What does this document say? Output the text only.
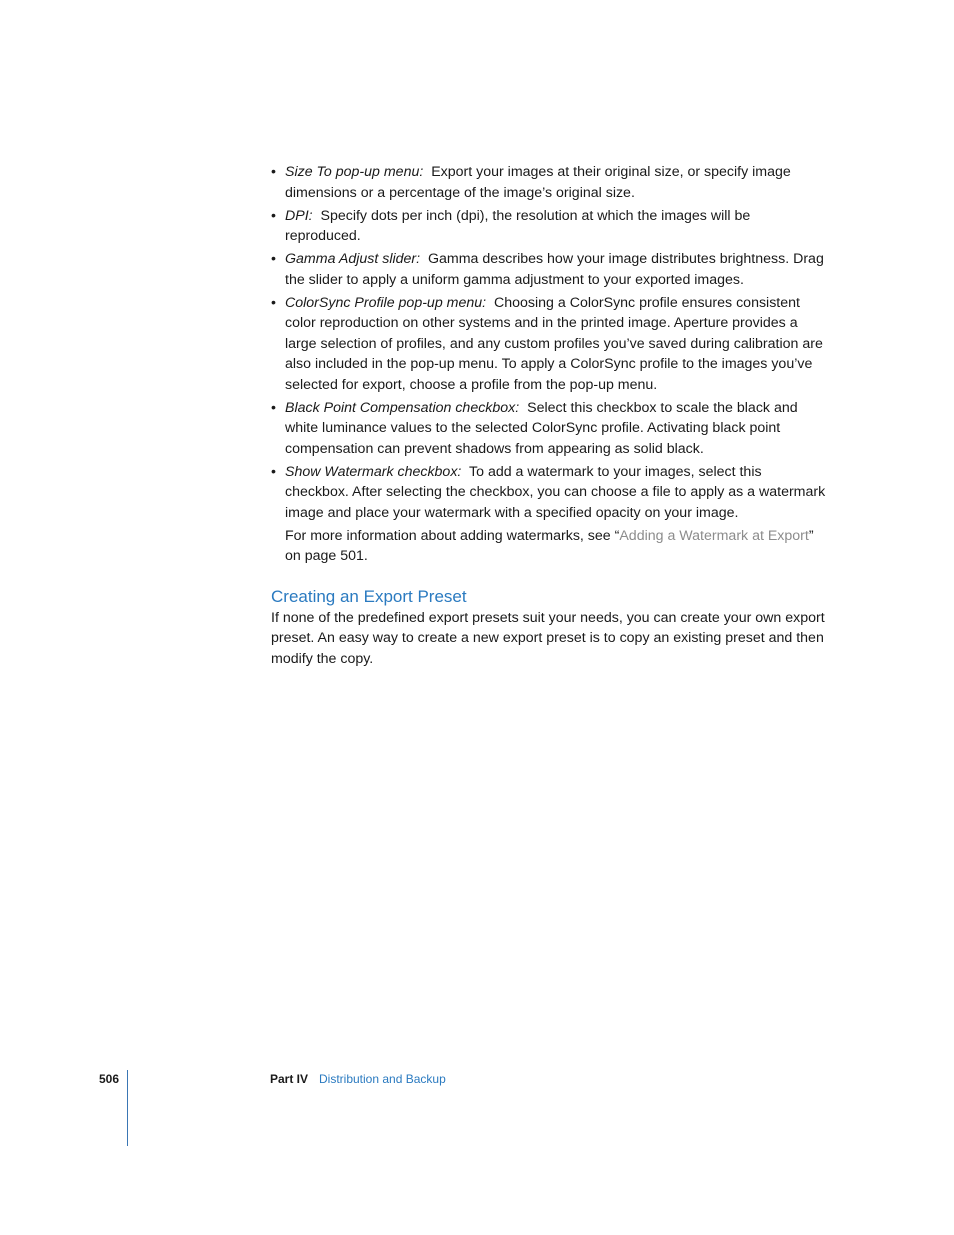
• Size To pop-up menu: Export your images at their original size, or specify image dimensions or a percentage of the image’s original size.
• DPI: Specify dots per inch (dpi), the resolution at which the images will be reproduced.
• Gamma Adjust slider: Gamma describes how your image distributes brightness. Drag the slider to apply a uniform gamma adjustment to your exported images.
• ColorSync Profile pop-up menu: Choosing a ColorSync profile ensures consistent color reproduction on other systems and in the printed image. Aperture provides a large selection of profiles, and any custom profiles you’ve saved during calibration are also included in the pop-up menu. To apply a ColorSync profile to the images you’ve selected for export, choose a profile from the pop-up menu.
• Black Point Compensation checkbox: Select this checkbox to scale the black and white luminance values to the selected ColorSync profile. Activating black point compensation can prevent shadows from appearing as solid black.
• Show Watermark checkbox: To add a watermark to your images, select this checkbox. After selecting the checkbox, you can choose a file to apply as a watermark image and place your watermark with a specified opacity on your image.
For more information about adding watermarks, see “Adding a Watermark at Export” on page 501.
Creating an Export Preset

If none of the predefined export presets suit your needs, you can create your own export preset. An easy way to create a new export preset is to copy an existing preset and then modify the copy.

506	Part IV Distribution and Backup
